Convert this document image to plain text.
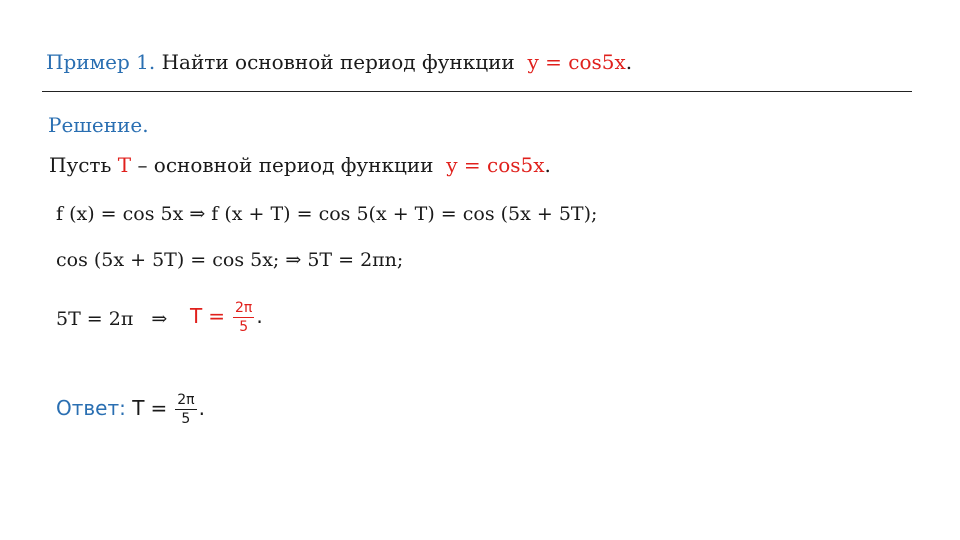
Пример 1. Найти основной период функции y = cos5x.
Решение.
Пусть T – основной период функции y = cos5x.
f (x) = cos 5x ⇒ f (x + T) = cos 5(x + T) = cos (5x + 5T);
cos (5x + 5T) = cos 5x; ⇒ 5T = 2πn;
5T = 2π ⇒	$T = \frac{2\pi}{5}$ .
Ответ: $T = \frac{2\pi}{5}$ .
